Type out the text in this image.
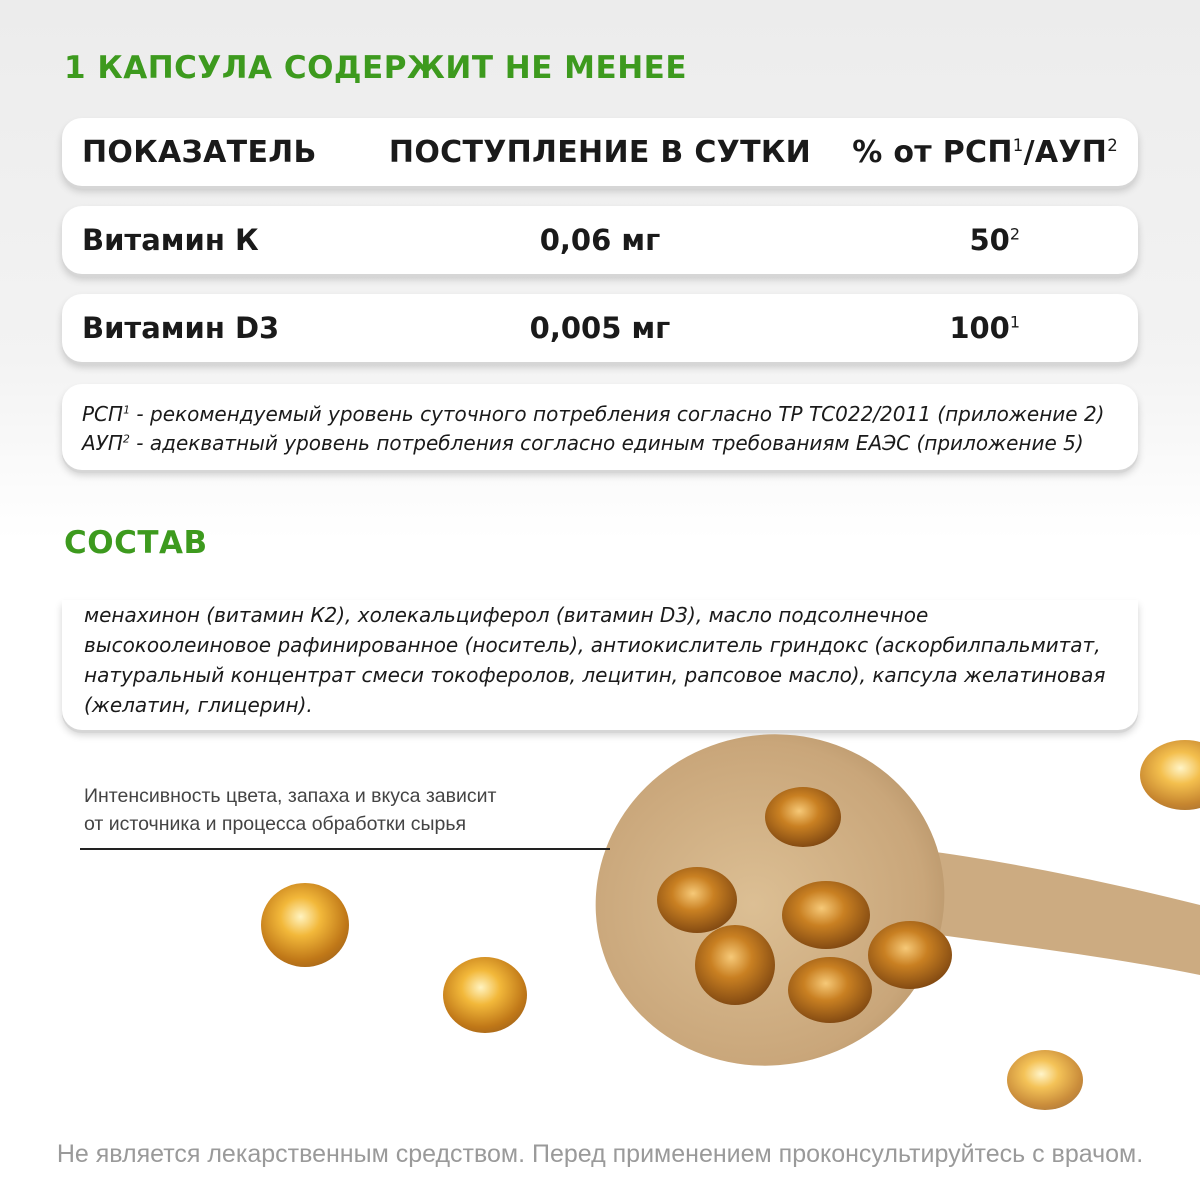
1 КАПСУЛА СОДЕРЖИТ НЕ МЕНЕЕ
ПОКАЗАТЕЛЬ	ПОСТУПЛЕНИЕ В СУТКИ	% от РСП$^1$/АУП$^2$
Витамин К	0,06 мг	$50^2$
Витамин D3	0,005 мг	$100^1$
РСП$^1$ - рекомендуемый уровень суточного потребления согласно ТР ТС022/2011 (приложение 2)
АУП$^2$ - адекватный уровень потребления согласно единым требованиям ЕАЭС (приложение 5)
СОСТАВ

менахинон (витамин К2), холекальциферол (витамин D3), масло подсолнечное высокоолеиновое рафинированное (носитель), антиокислитель гриндокс (аскорбилпальмитат, натуральный концентрат смеси токоферолов, лецитин, рапсовое масло), капсула желатиновая (желатин, глицерин).

Интенсивность цвета, запаха и вкуса зависит
от источника и процесса обработки сырья
Не является лекарственным средством. Перед применением проконсультируйтесь с врачом.
